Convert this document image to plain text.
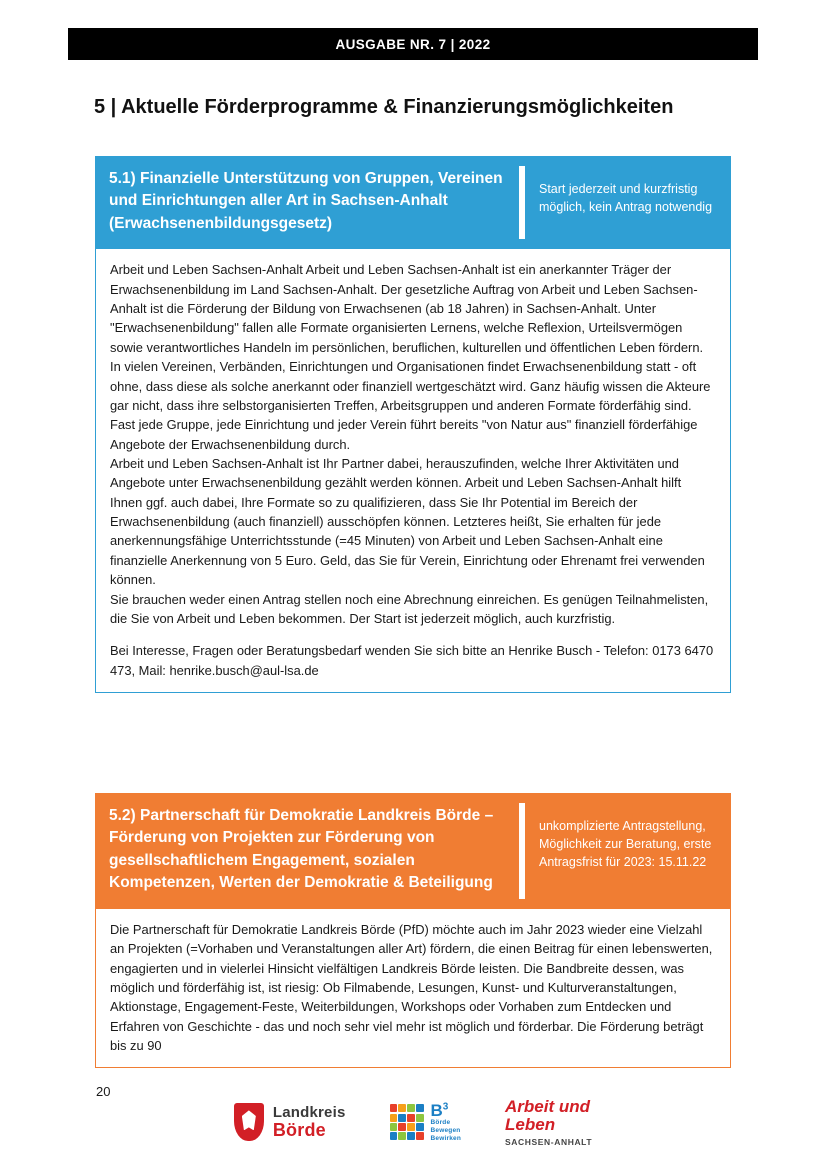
AUSGABE NR. 7 | 2022
5 | Aktuelle Förderprogramme & Finanzierungsmöglichkeiten
5.1) Finanzielle Unterstützung von Gruppen, Vereinen und Einrichtungen aller Art in Sachsen-Anhalt (Erwachsenenbildungsgesetz)
Start jederzeit und kurzfristig möglich, kein Antrag notwendig

Arbeit und Leben Sachsen-Anhalt Arbeit und Leben Sachsen-Anhalt ist ein anerkannter Träger der Erwachsenenbildung im Land Sachsen-Anhalt. Der gesetzliche Auftrag von Arbeit und Leben Sachsen-Anhalt ist die Förderung der Bildung von Erwachsenen (ab 18 Jahren) in Sachsen-Anhalt. Unter "Erwachsenenbildung" fallen alle Formate organisierten Lernens, welche Reflexion, Urteilsvermögen sowie verantwortliches Handeln im persönlichen, beruflichen, kulturellen und öffentlichen Leben fördern.

In vielen Vereinen, Verbänden, Einrichtungen und Organisationen findet Erwachsenenbildung statt - oft ohne, dass diese als solche anerkannt oder finanziell wertgeschätzt wird. Ganz häufig wissen die Akteure gar nicht, dass ihre selbstorganisierten Treffen, Arbeitsgruppen und anderen Formate förderfähig sind. Fast jede Gruppe, jede Einrichtung und jeder Verein führt bereits "von Natur aus" finanziell förderfähige Angebote der Erwachsenenbildung durch.

Arbeit und Leben Sachsen-Anhalt ist Ihr Partner dabei, herauszufinden, welche Ihrer Aktivitäten und Angebote unter Erwachsenenbildung gezählt werden können. Arbeit und Leben Sachsen-Anhalt hilft Ihnen ggf. auch dabei, Ihre Formate so zu qualifizieren, dass Sie Ihr Potential im Bereich der Erwachsenenbildung (auch finanziell) ausschöpfen können. Letzteres heißt, Sie erhalten für jede anerkennungsfähige Unterrichtsstunde (=45 Minuten) von Arbeit und Leben Sachsen-Anhalt eine finanzielle Anerkennung von 5 Euro. Geld, das Sie für Verein, Einrichtung oder Ehrenamt frei verwenden können.

Sie brauchen weder einen Antrag stellen noch eine Abrechnung einreichen. Es genügen Teilnahmelisten, die Sie von Arbeit und Leben bekommen. Der Start ist jederzeit möglich, auch kurzfristig.

Bei Interesse, Fragen oder Beratungsbedarf wenden Sie sich bitte an Henrike Busch - Telefon: 0173 6470 473, Mail: henrike.busch@aul-lsa.de

5.2) Partnerschaft für Demokratie Landkreis Börde – Förderung von Projekten zur Förderung von gesellschaftlichem Engagement, sozialen Kompetenzen, Werten der Demokratie & Beteiligung
unkomplizierte Antragstellung, Möglichkeit zur Beratung, erste Antragsfrist für 2023: 15.11.22

Die Partnerschaft für Demokratie Landkreis Börde (PfD) möchte auch im Jahr 2023 wieder eine Vielzahl an Projekten (=Vorhaben und Veranstaltungen aller Art) fördern, die einen Beitrag für einen lebenswerten, engagierten und in vielerlei Hinsicht vielfältigen Landkreis Börde leisten. Die Bandbreite dessen, was möglich und förderfähig ist, ist riesig: Ob Filmabende, Lesungen, Kunst- und Kulturveranstaltungen, Aktionstage, Engagement-Feste, Weiterbildungen, Workshops oder Vorhaben zum Entdecken und Erfahren von Geschichte - das und noch sehr viel mehr ist möglich und förderbar. Die Förderung beträgt bis zu 90

20
Landkreis
Börde
$B^3$
Börde
Bewegen
Bewirken
Arbeit und
Leben
SACHSEN-ANHALT
